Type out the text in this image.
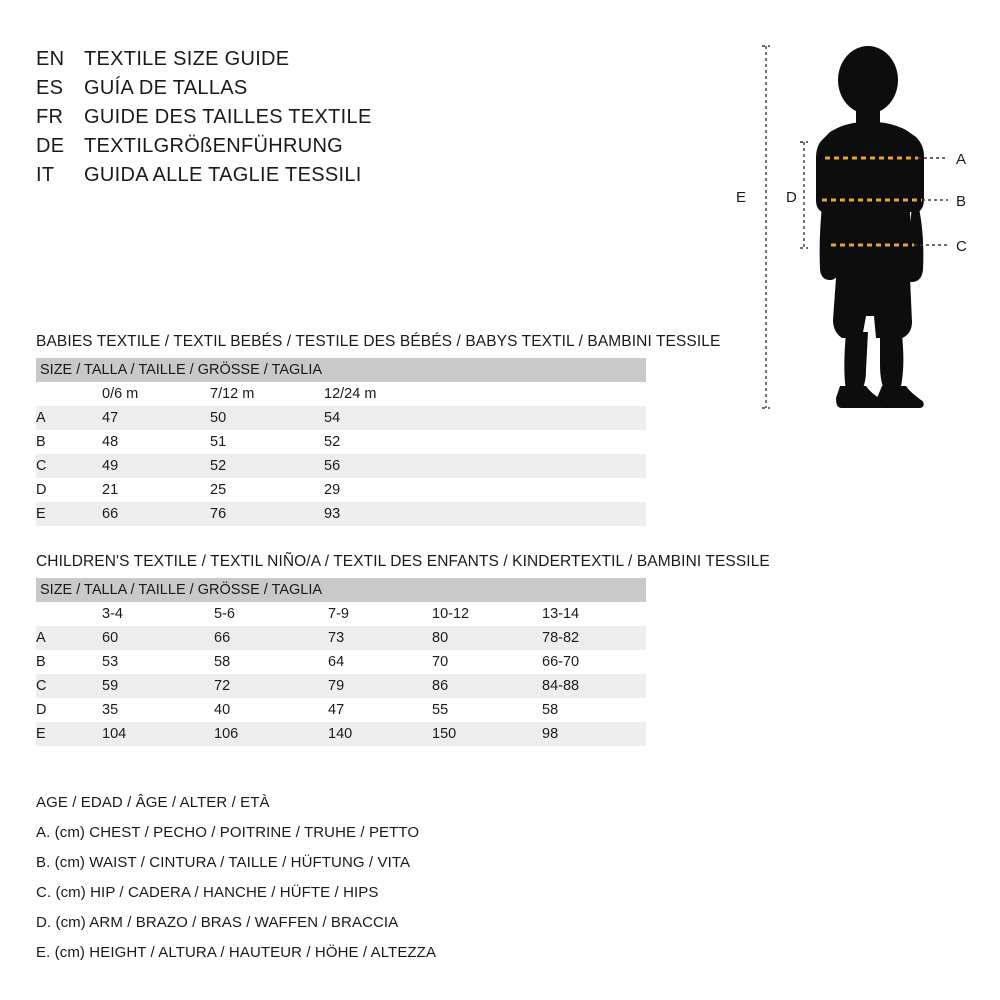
EN TEXTILE SIZE GUIDE
ES	GUÍA DE TALLAS
FR	GUIDE DES TAILLES TEXTILE
DE TEXTILGRÖßENFÜHRUNG
IT	GUIDA ALLE TAGLIE TESSILI
BABIES TEXTILE / TEXTIL BEBÉS / TESTILE DES BÉBÉS / BABYS TEXTIL / BAMBINI TESSILE
SIZE / TALLA / TAILLE / GRÖSSE / TAGLIA			
	0/6 m	7/12 m	12/24 m
A	47	50	54
B	48	51	52
C	49	52	56
D	21	25	29
E	66	76	93
CHILDREN'S TEXTILE / TEXTIL NIÑO/A / TEXTIL DES ENFANTS / KINDERTEXTIL / BAMBINI TESSILE
SIZE / TALLA / TAILLE / GRÖSSE / TAGLIA					
	3-4	5-6	7-9	10-12	13-14
A	60	66	73	80	78-82
B	53	58	64	70	66-70
C	59	72	79	86	84-88
D	35	40	47	55	58
E	104	106	140	150	98
AGE / EDAD / ÂGE / ALTER / ETÀ
A. (cm) CHEST / PECHO / POITRINE / TRUHE / PETTO
B. (cm) WAIST / CINTURA / TAILLE / HÜFTUNG / VITA
C. (cm) HIP / CADERA / HANCHE / HÜFTE / HIPS
D. (cm) ARM / BRAZO / BRAS / WAFFEN / BRACCIA
E. (cm) HEIGHT / ALTURA / HAUTEUR / HÖHE / ALTEZZA
A
B
C
D
E
